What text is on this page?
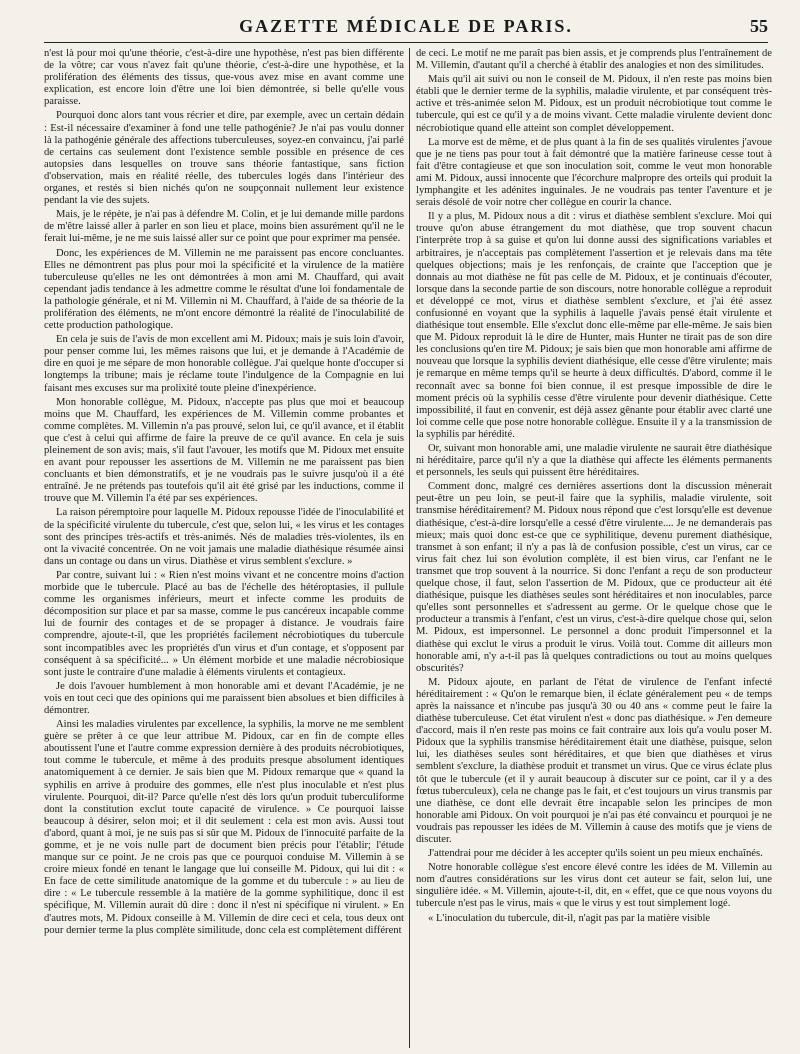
GAZETTE MÉDICALE DE PARIS.	55

n'est là pour moi qu'une théorie, c'est-à-dire une hypothèse, n'est pas bien différente de la vôtre; car vous n'avez fait qu'une théorie, c'est-à-dire une hypothèse, et la prolifération des éléments des tissus, que-vous avez mise en avant comme une explication, est encore loin d'être une loi bien démontrée, si belle qu'elle vous paraisse.

Pourquoi donc alors tant vous récrier et dire, par exemple, avec un certain dédain : Est-il nécessaire d'examiner à fond une telle pathogénie? Je n'ai pas voulu donner là la pathogénie générale des affections tuberculeuses, soyez-en convaincu, j'ai parlé de certains cas seulement dont l'existence semble possible en présence de ces autopsies dans lesquelles on trouve sans théorie fantastique, sans fiction d'observation, mais en réalité réelle, des tubercules logés dans l'intérieur des organes, et restés si bien nichés qu'on ne soupçonnait nullement leur existence pendant la vie des sujets.

Mais, je le répète, je n'ai pas à défendre M. Colin, et je lui demande mille pardons de m'être laissé aller à parler en son lieu et place, moins bien assurément qu'il ne le ferait lui-même, je ne me suis laissé aller sur ce point que pour exprimer ma pensée.

Donc, les expériences de M. Villemin ne me paraissent pas encore concluantes. Elles ne démontrent pas plus pour moi la spécificité et la virulence de la matière tuberculeuse qu'elles ne les ont démontrées à mon ami M. Chauffard, qui avait cependant jadis tendance à les admettre comme le résultat d'une loi fondamentale de la pathologie générale, et ni M. Villemin ni M. Chauffard, à l'aide de sa théorie de la prolifération des éléments, ne m'ont encore démontré la réalité de l'inoculabilité de cette production pathologique.

En cela je suis de l'avis de mon excellent ami M. Pidoux; mais je suis loin d'avoir, pour penser comme lui, les mêmes raisons que lui, et je demande à l'Académie de dire en quoi je me sépare de mon honorable collègue. J'ai quelque honte d'occuper si longtemps la tribune; mais je réclame toute l'indulgence de la Compagnie en lui faisant mes excuses sur ma prolixité toute pleine d'inexpérience.

Mon honorable collègue, M. Pidoux, n'accepte pas plus que moi et beaucoup moins que M. Chauffard, les expériences de M. Villemin comme probantes et comme complètes. M. Villemin n'a pas prouvé, selon lui, ce qu'il avance, et il établit que c'est à celui qui affirme de faire la preuve de ce qu'il avance. En cela je suis pleinement de son avis; mais, s'il faut l'avouer, les motifs que M. Pidoux met ensuite en avant pour repousser les assertions de M. Villemin ne me paraissent pas bien concluants et bien démonstratifs, et je ne voudrais pas le suivre jusqu'où il a été entraîné. Je ne prétends pas toutefois qu'il ait été grisé par les inductions, comme il trouve que M. Villemin l'a été par ses expériences.

La raison péremptoire pour laquelle M. Pidoux repousse l'idée de l'inoculabilité et de la spécificité virulente du tubercule, c'est que, selon lui, « les virus et les contages sont des principes très-actifs et très-animés. Nés de maladies très-violentes, ils en ont la vivacité concentrée. On ne voit jamais une maladie diathésique résumée ainsi dans un contage ou dans un virus. Diathèse et virus semblent s'exclure. »

Par contre, suivant lui : « Rien n'est moins vivant et ne concentre moins d'action morbide que le tubercule. Placé au bas de l'échelle des hétéroptasies, il pullule comme les organismes inférieurs, meurt et infecte comme les produits de décomposition sur place et par sa masse, comme le pus cancéreux incapable comme lui de fournir des contages et de se propager à distance. Je voudrais faire comprendre, ajoute-t-il, que les propriétés facilement nécrobiotiques du tubercule sont incompatibles avec les propriétés d'un virus et d'un contage, et s'opposent par conséquent à sa spécificité... » Un élément morbide et une maladie nécrobiosique sont juste le contraire d'une maladie à éléments virulents et contagieux.

Je dois l'avouer humblement à mon honorable ami et devant l'Académie, je ne vois en tout ceci que des opinions qui me paraissent bien absolues et bien difficiles à démontrer.

Ainsi les maladies virulentes par excellence, la syphilis, la morve ne me semblent guère se prêter à ce que leur attribue M. Pidoux, car en fin de compte elles aboutissent l'une et l'autre comme expression dernière à des produits nécrobiotiques, tout comme le tubercule, et même à des produits presque absolument identiques anatomiquement à ce dernier. Je sais bien que M. Pidoux remarque que « quand la syphilis en arrive à produire des gommes, elle n'est plus inoculable et n'est plus virulente. Pourquoi, dit-il? Parce qu'elle n'est dès lors qu'un produit tuberculiforme dont la constitution exclut toute capacité de virulence. » Ce pourquoi laisse beaucoup à désirer, selon moi; et il dit seulement : cela est mon avis. Aussi tout d'abord, quant à moi, je ne suis pas si sûr que M. Pidoux de l'innocuité parfaite de la gomme, et je ne vois nulle part de document bien précis pour l'établir; l'étude manque sur ce point. Je ne crois pas que ce pourquoi conduise M. Villemin à se croire mieux fondé en tenant le langage que lui conseille M. Pidoux, qui lui dit : « En face de cette similitude anatomique de la gomme et du tubercule : » au lieu de dire : « Le tubercule ressemble à la matière de la gomme syphilitique, donc il est spécifique, M. Villemin aurait dû dire : donc il n'est ni spécifique ni virulent. » En d'autres mots, M. Pidoux conseille à M. Villemin de dire ceci et cela, tous deux ont pour dernier terme la plus complète similitude, donc cela est complètement différent

de ceci. Le motif ne me paraît pas bien assis, et je comprends plus l'entraînement de M. Villemin, d'autant qu'il a cherché à établir des analogies et non des similitudes.

Mais qu'il ait suivi ou non le conseil de M. Pidoux, il n'en reste pas moins bien établi que le dernier terme de la syphilis, maladie virulente, et par conséquent très-active et très-animée selon M. Pidoux, est un produit nécrobiotique tout comme le tubercule, qui est ce qu'il y a de moins vivant. Cette maladie virulente devient donc nécrobiotique quand elle atteint son complet développement.

La morve est de même, et de plus quant à la fin de ses qualités virulentes j'avoue que je ne tiens pas pour tout à fait démontré que la matière farineuse cesse tout à fait d'être contagieuse et que son inoculation soit, comme le veut mon honorable ami M. Pidoux, aussi innocente que l'écorchure malpropre des orteils qui produit la lymphangite et les adénites inguinales. Je ne voudrais pas tenter l'aventure et je serais désolé de voir notre cher collègue en courir la chance.

Il y a plus, M. Pidoux nous a dit : virus et diathèse semblent s'exclure. Moi qui trouve qu'on abuse étrangement du mot diathèse, que trop souvent chacun l'interprète trop à sa guise et qu'on lui donne aussi des significations variables et arbitraires, je n'acceptais pas complètement l'assertion et je relevais dans ma tête quelques objections; mais je les renfonçais, de crainte que l'acception que je donnais au mot diathèse ne fût pas celle de M. Pidoux, et je continuais d'écouter, lorsque dans la seconde partie de son discours, notre honorable collègue a reproduit et développé ce mot, virus et diathèse semblent s'exclure, et j'ai été assez confusionné en voyant que la syphilis à laquelle j'avais pensé était virulente et diathésique tout ensemble. Elle s'exclut donc elle-même par elle-même. Je sais bien que M. Pidoux reproduit là le dire de Hunter, mais Hunter ne tirait pas de son dire les conclusions qu'en tire M. Pidoux; je sais bien que mon honorable ami affirme de nouveau que lorsque la syphilis devient diathésique, elle cesse d'être virulente; mais je remarque en même temps qu'il se heurte à deux difficultés. D'abord, comme il le reconnaît avec sa bonne foi bien connue, il est presque impossible de dire le moment précis où la syphilis cesse d'être virulente pour devenir diathésique. Cette impossibilité, il faut en convenir, est déjà assez gênante pour établir avec clarté une loi comme celle que pose notre honorable collègue. Ensuite il y a la transmission de la syphilis par hérédité.

Or, suivant mon honorable ami, une maladie virulente ne saurait être diathésique ni héréditaire, parce qu'il n'y a que la diathèse qui affecte les éléments permanents et personnels, les seuls qui puissent être héréditaires.

Comment donc, malgré ces dernières assertions dont la discussion mènerait peut-être un peu loin, se peut-il faire que la syphilis, maladie virulente, soit transmise héréditairement? M. Pidoux nous répond que c'est lorsqu'elle est devenue diathésique, c'est-à-dire lorsqu'elle a cessé d'être virulente.... Je ne demanderais pas mieux; mais quoi donc est-ce que ce syphilitique, devenu purement diathésique, transmet à son enfant; il n'y a pas là de confusion possible, c'est un virus, car ce virus fait chez lui son évolution complète, il est bien virus, car l'enfant ne le transmet que trop souvent à la nourrice. Si donc l'enfant a reçu de son producteur quelque chose, il faut, selon l'assertion de M. Pidoux, que ce producteur ait été diathésique, puisque les diathèses seules sont héréditaires et non inoculables, parce qu'elles sont personnelles et s'adressent au germe. Or le quelque chose que le producteur a transmis à l'enfant, c'est un virus, c'est-à-dire quelque chose qui, selon M. Pidoux, est impersonnel. Le personnel a donc produit l'impersonnel et la diathèse qui exclut le virus a produit le virus. Voilà tout. Comme dit ailleurs mon honorable ami, n'y a-t-il pas là quelques contradictions ou tout au moins quelques obscurités?

M. Pidoux ajoute, en parlant de l'état de virulence de l'enfant infecté héréditairement : « Qu'on le remarque bien, il éclate généralement peu « de temps après la naissance et n'incube pas jusqu'à 30 ou 40 ans « comme peut le faire la diathèse tuberculeuse. Cet état virulent n'est « donc pas diathésique. » J'en demeure d'accord, mais il n'en reste pas moins ce fait contraire aux lois qu'a voulu poser M. Pidoux que la syphilis transmise héréditairement était une diathèse, puisque, selon lui, les diathèses seules sont héréditaires, et que bien que diathèses et virus semblent s'exclure, la diathèse produit et transmet un virus. Que ce virus éclate plus tôt que le tubercule (et il y aurait beaucoup à discuter sur ce point, car il y a des fœtus tuberculeux), cela ne change pas le fait, et c'est toujours un virus transmis par une diathèse, ce dont elle devrait être incapable selon les principes de mon honorable ami Pidoux. On voit pourquoi je n'ai pas été convaincu et pourquoi je ne voudrais pas repousser les idées de M. Villemin à cause des motifs que je viens de discuter.

J'attendrai pour me décider à les accepter qu'ils soient un peu mieux enchaînés.

Notre honorable collègue s'est encore élevé contre les idées de M. Villemin au nom d'autres considérations sur les virus dont cet auteur se fait, selon lui, une singulière idée. « M. Villemin, ajoute-t-il, dit, en « effet, que ce que nous voyons du tubercule n'est pas le virus, mais « que le virus y est tout simplement logé.

« L'inoculation du tubercule, dit-il, n'agit pas par la matière visible
